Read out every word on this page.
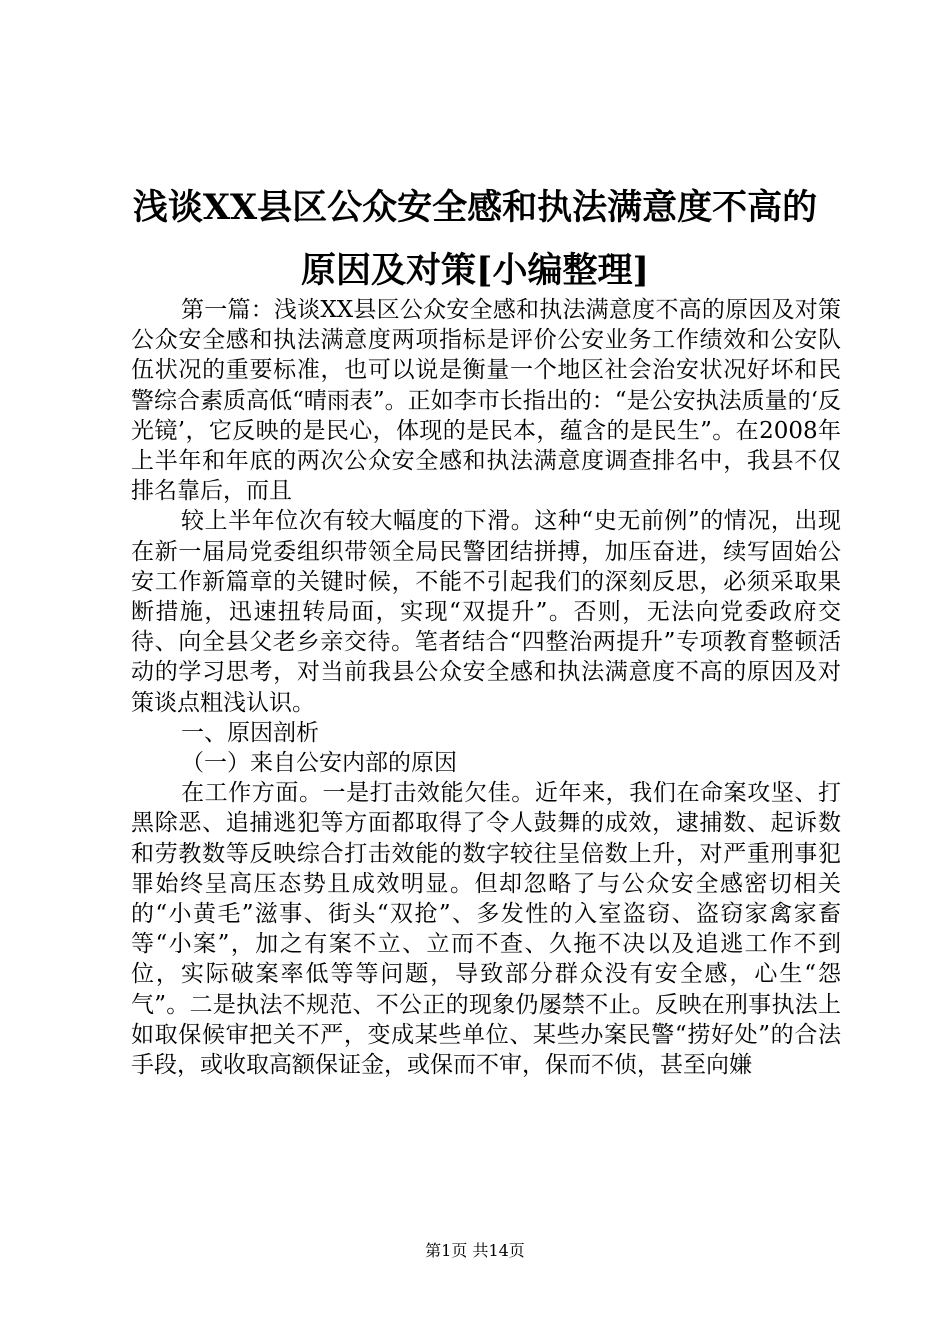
浅谈XX县区公众安全感和执法满意度不高的
原因及对策[小编整理]

第一篇：浅谈XX县区公众安全感和执法满意度不高的原因及对策公众安全感和执法满意度两项指标是评价公安业务工作绩效和公安队伍状况的重要标准，也可以说是衡量一个地区社会治安状况好坏和民警综合素质高低“晴雨表”。正如李市长指出的：“是公安执法质量的‘反光镜’，它反映的是民心，体现的是民本，蕴含的是民生”。在2008年上半年和年底的两次公众安全感和执法满意度调查排名中，我县不仅排名靠后，而且

较上半年位次有较大幅度的下滑。这种“史无前例”的情况，出现在新一届局党委组织带领全局民警团结拼搏，加压奋进，续写固始公安工作新篇章的关键时候，不能不引起我们的深刻反思，必须采取果断措施，迅速扭转局面，实现“双提升”。否则，无法向党委政府交待、向全县父老乡亲交待。笔者结合“四整治两提升”专项教育整顿活动的学习思考，对当前我县公众安全感和执法满意度不高的原因及对策谈点粗浅认识。

一、原因剖析

（一）来自公安内部的原因

在工作方面。一是打击效能欠佳。近年来，我们在命案攻坚、打黑除恶、追捕逃犯等方面都取得了令人鼓舞的成效，逮捕数、起诉数和劳教数等反映综合打击效能的数字较往呈倍数上升，对严重刑事犯罪始终呈高压态势且成效明显。但却忽略了与公众安全感密切相关的“小黄毛”滋事、街头“双抢”、多发性的入室盗窃、盗窃家禽家畜等“小案”，加之有案不立、立而不查、久拖不决以及追逃工作不到位，实际破案率低等等问题，导致部分群众没有安全感，心生“怨气”。二是执法不规范、不公正的现象仍屡禁不止。反映在刑事执法上如取保候审把关不严，变成某些单位、某些办案民警“捞好处”的合法手段，或收取高额保证金，或保而不审，保而不侦，甚至向嫌

第1页 共14页
